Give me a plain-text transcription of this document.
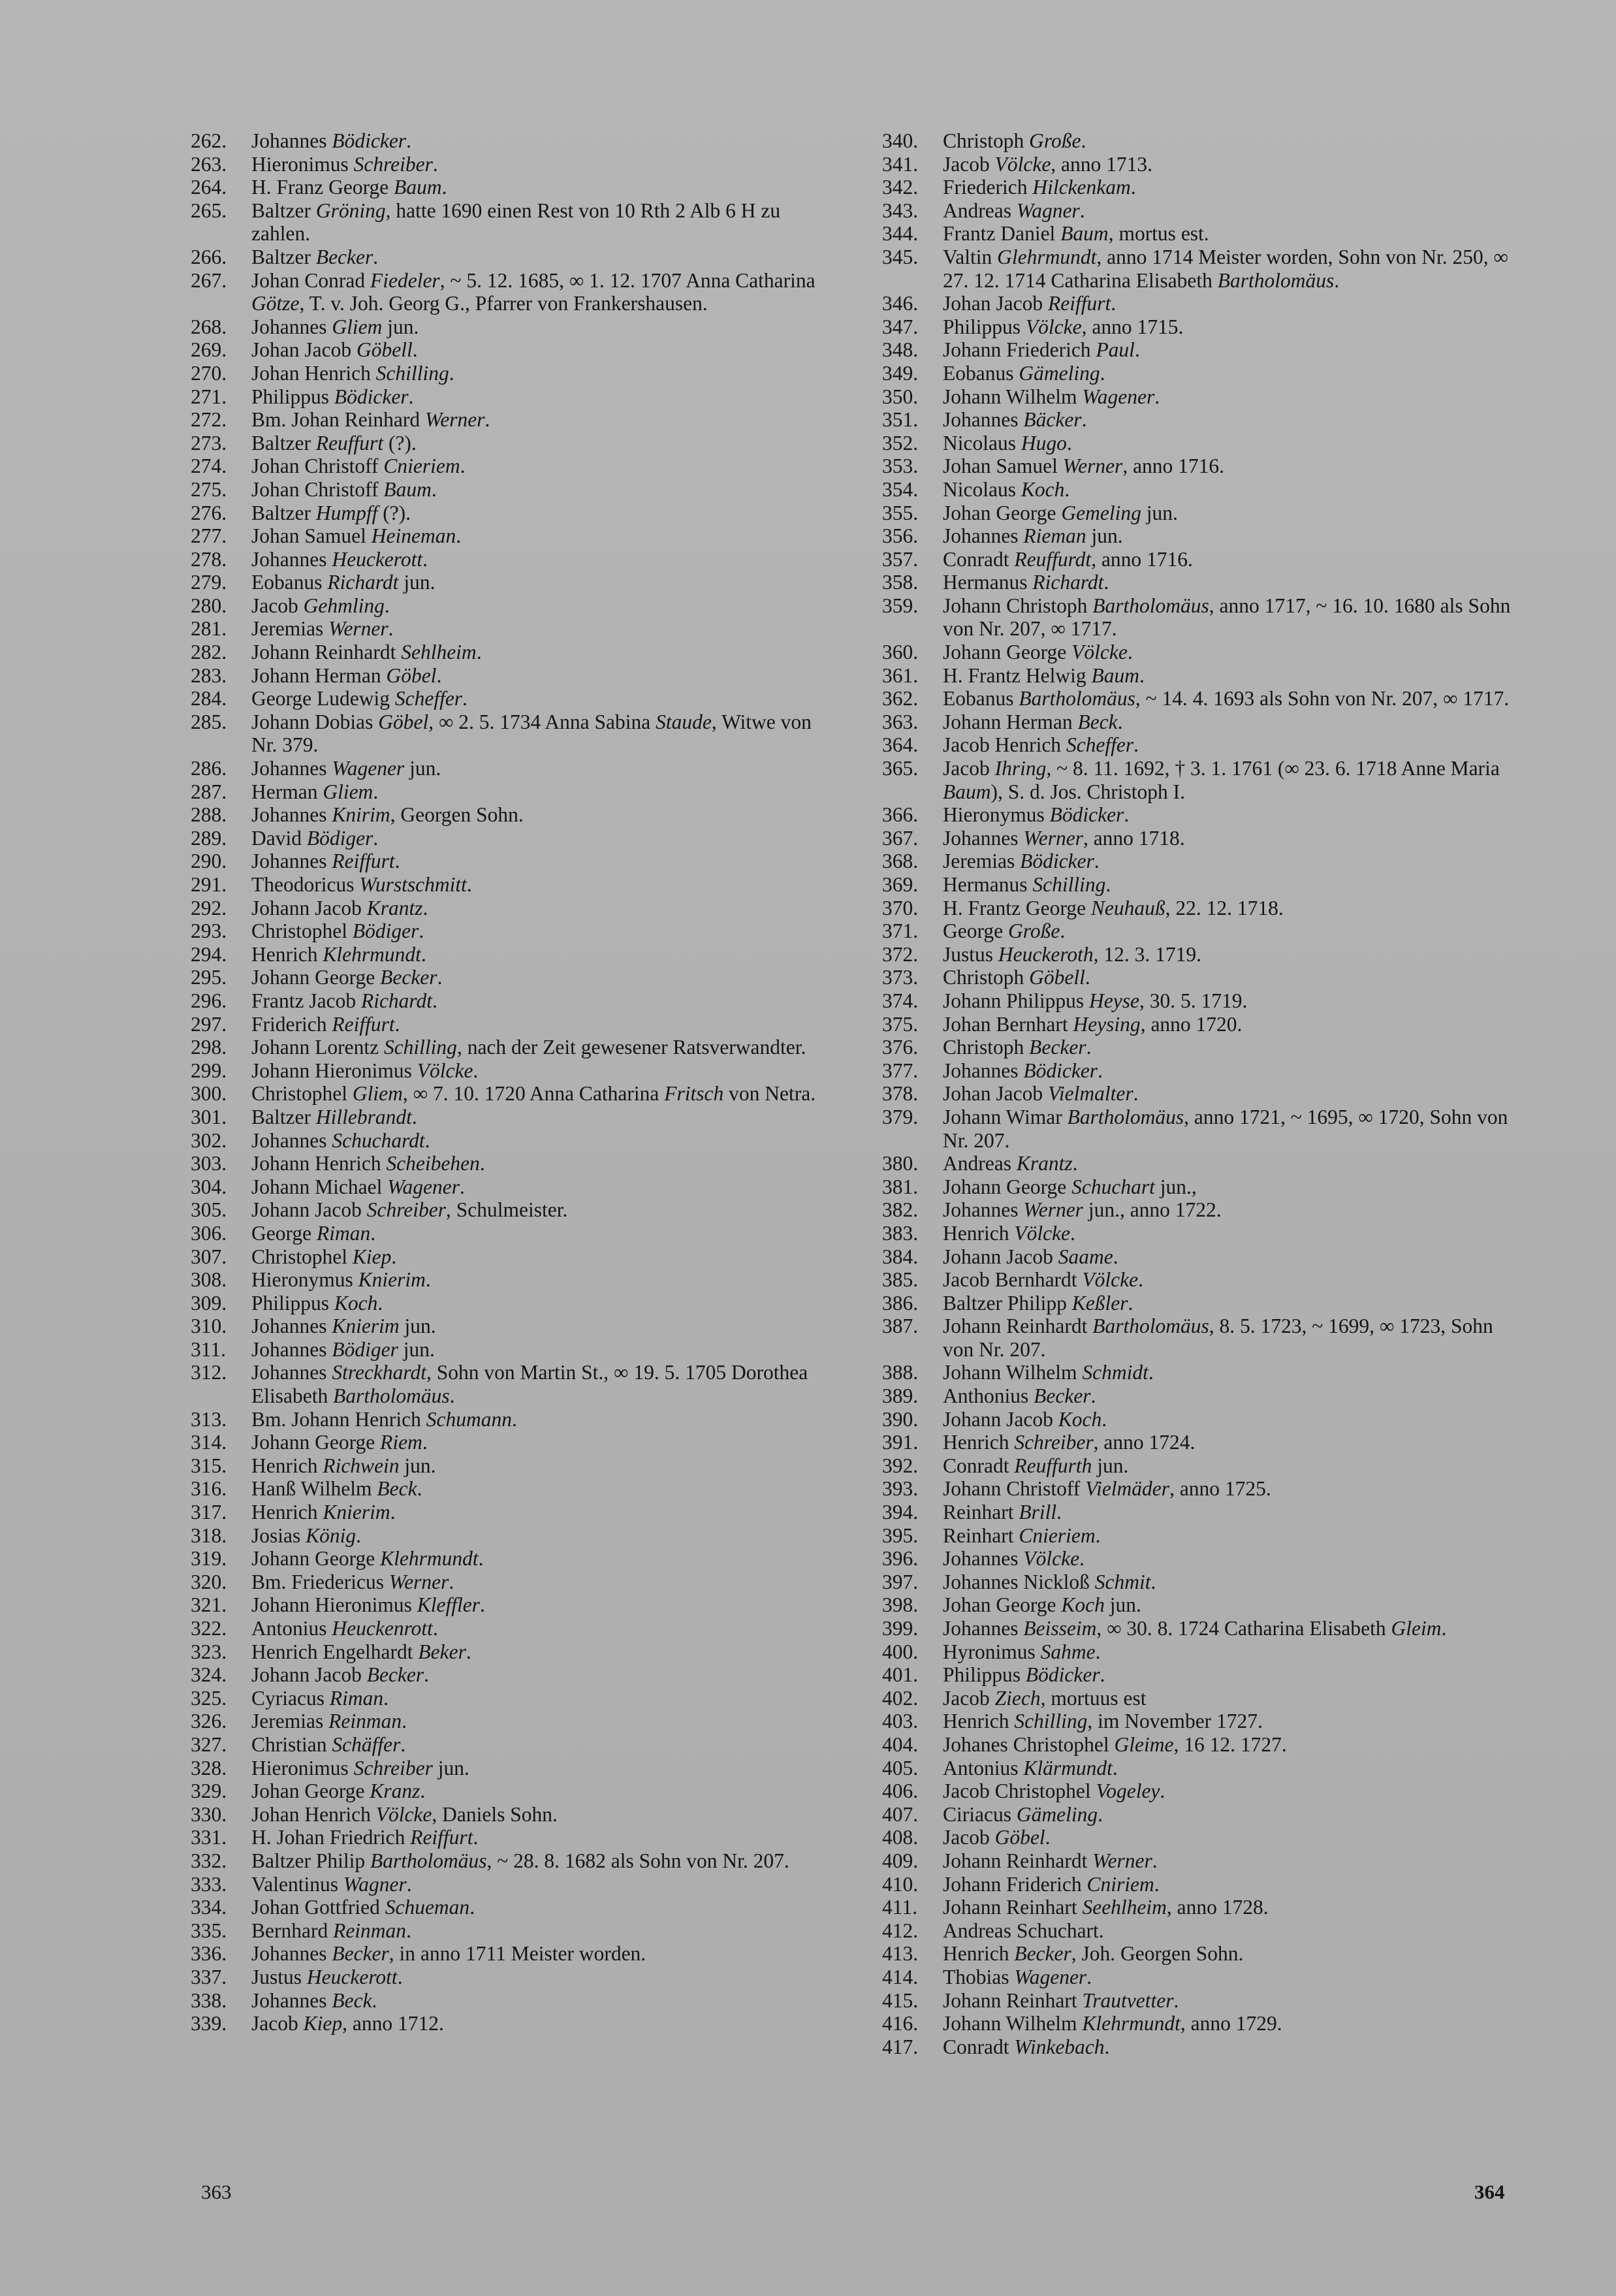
262.	Johannes Bödicker.
263.	Hieronimus Schreiber.
264.	H. Franz George Baum.
265.	Baltzer Gröning, hatte 1690 einen Rest von 10 Rth 2 Alb 6 H zu zahlen.
266.	Baltzer Becker.
267.	Johan Conrad Fiedeler, ~ 5. 12. 1685, ∞ 1. 12. 1707 Anna Catharina Götze, T. v. Joh. Georg G., Pfarrer von Frankershausen.
268.	Johannes Gliem jun.
269.	Johan Jacob Göbell.
270.	Johan Henrich Schilling.
271.	Philippus Bödicker.
272.	Bm. Johan Reinhard Werner.
273.	Baltzer Reuffurt (?).
274.	Johan Christoff Cnieriem.
275.	Johan Christoff Baum.
276.	Baltzer Humpff (?).
277.	Johan Samuel Heineman.
278.	Johannes Heuckerott.
279.	Eobanus Richardt jun.
280.	Jacob Gehmling.
281.	Jeremias Werner.
282.	Johann Reinhardt Sehlheim.
283.	Johann Herman Göbel.
284.	George Ludewig Scheffer.
285.	Johann Dobias Göbel, ∞ 2. 5. 1734 Anna Sabina Staude, Witwe von Nr. 379.
286.	Johannes Wagener jun.
287.	Herman Gliem.
288.	Johannes Knirim, Georgen Sohn.
289.	David Bödiger.
290.	Johannes Reiffurt.
291.	Theodoricus Wurstschmitt.
292.	Johann Jacob Krantz.
293.	Christophel Bödiger.
294.	Henrich Klehrmundt.
295.	Johann George Becker.
296.	Frantz Jacob Richardt.
297.	Friderich Reiffurt.
298.	Johann Lorentz Schilling, nach der Zeit gewesener Ratsverwandter.
299.	Johann Hieronimus Völcke.
300.	Christophel Gliem, ∞ 7. 10. 1720 Anna Catharina Fritsch von Netra.
301.	Baltzer Hillebrandt.
302.	Johannes Schuchardt.
303.	Johann Henrich Scheibehen.
304.	Johann Michael Wagener.
305.	Johann Jacob Schreiber, Schulmeister.
306.	George Riman.
307.	Christophel Kiep.
308.	Hieronymus Knierim.
309.	Philippus Koch.
310.	Johannes Knierim jun.
311.	Johannes Bödiger jun.
312.	Johannes Streckhardt, Sohn von Martin St., ∞ 19. 5. 1705 Dorothea Elisabeth Bartholomäus.
313.	Bm. Johann Henrich Schumann.
314.	Johann George Riem.
315.	Henrich Richwein jun.
316.	Hanß Wilhelm Beck.
317.	Henrich Knierim.
318.	Josias König.
319.	Johann George Klehrmundt.
320.	Bm. Friedericus Werner.
321.	Johann Hieronimus Kleffler.
322.	Antonius Heuckenrott.
323.	Henrich Engelhardt Beker.
324.	Johann Jacob Becker.
325.	Cyriacus Riman.
326.	Jeremias Reinman.
327.	Christian Schäffer.
328.	Hieronimus Schreiber jun.
329.	Johan George Kranz.
330.	Johan Henrich Völcke, Daniels Sohn.
331.	H. Johan Friedrich Reiffurt.
332.	Baltzer Philip Bartholomäus, ~ 28. 8. 1682 als Sohn von Nr. 207.
333.	Valentinus Wagner.
334.	Johan Gottfried Schueman.
335.	Bernhard Reinman.
336.	Johannes Becker, in anno 1711 Meister worden.
337.	Justus Heuckerott.
338.	Johannes Beck.
339.	Jacob Kiep, anno 1712.
340.	Christoph Große.
341.	Jacob Völcke, anno 1713.
342.	Friederich Hilckenkam.
343.	Andreas Wagner.
344.	Frantz Daniel Baum, mortus est.
345.	Valtin Glehrmundt, anno 1714 Meister worden, Sohn von Nr. 250, ∞ 27. 12. 1714 Catharina Elisabeth Bartholomäus.
346.	Johan Jacob Reiffurt.
347.	Philippus Völcke, anno 1715.
348.	Johann Friederich Paul.
349.	Eobanus Gämeling.
350.	Johann Wilhelm Wagener.
351.	Johannes Bäcker.
352.	Nicolaus Hugo.
353.	Johan Samuel Werner, anno 1716.
354.	Nicolaus Koch.
355.	Johan George Gemeling jun.
356.	Johannes Rieman jun.
357.	Conradt Reuffurdt, anno 1716.
358.	Hermanus Richardt.
359.	Johann Christoph Bartholomäus, anno 1717, ~ 16. 10. 1680 als Sohn von Nr. 207, ∞ 1717.
360.	Johann George Völcke.
361.	H. Frantz Helwig Baum.
362.	Eobanus Bartholomäus, ~ 14. 4. 1693 als Sohn von Nr. 207, ∞ 1717.
363.	Johann Herman Beck.
364.	Jacob Henrich Scheffer.
365.	Jacob Ihring, ~ 8. 11. 1692, † 3. 1. 1761 (∞ 23. 6. 1718 Anne Maria Baum), S. d. Jos. Christoph I.
366.	Hieronymus Bödicker.
367.	Johannes Werner, anno 1718.
368.	Jeremias Bödicker.
369.	Hermanus Schilling.
370.	H. Frantz George Neuhauß, 22. 12. 1718.
371.	George Große.
372.	Justus Heuckeroth, 12. 3. 1719.
373.	Christoph Göbell.
374.	Johann Philippus Heyse, 30. 5. 1719.
375.	Johan Bernhart Heysing, anno 1720.
376.	Christoph Becker.
377.	Johannes Bödicker.
378.	Johan Jacob Vielmalter.
379.	Johann Wimar Bartholomäus, anno 1721, ~ 1695, ∞ 1720, Sohn von Nr. 207.
380.	Andreas Krantz.
381.	Johann George Schuchart jun.,
382.	Johannes Werner jun., anno 1722.
383.	Henrich Völcke.
384.	Johann Jacob Saame.
385.	Jacob Bernhardt Völcke.
386.	Baltzer Philipp Keßler.
387.	Johann Reinhardt Bartholomäus, 8. 5. 1723, ~ 1699, ∞ 1723, Sohn von Nr. 207.
388.	Johann Wilhelm Schmidt.
389.	Anthonius Becker.
390.	Johann Jacob Koch.
391.	Henrich Schreiber, anno 1724.
392.	Conradt Reuffurth jun.
393.	Johann Christoff Vielmäder, anno 1725.
394.	Reinhart Brill.
395.	Reinhart Cnieriem.
396.	Johannes Völcke.
397.	Johannes Nickloß Schmit.
398.	Johan George Koch jun.
399.	Johannes Beisseim, ∞ 30. 8. 1724 Catharina Elisabeth Gleim.
400.	Hyronimus Sahme.
401.	Philippus Bödicker.
402.	Jacob Ziech, mortuus est
403.	Henrich Schilling, im November 1727.
404.	Johanes Christophel Gleime, 16 12. 1727.
405.	Antonius Klärmundt.
406.	Jacob Christophel Vogeley.
407.	Ciriacus Gämeling.
408.	Jacob Göbel.
409.	Johann Reinhardt Werner.
410.	Johann Friderich Cniriem.
411.	Johann Reinhart Seehlheim, anno 1728.
412.	Andreas Schuchart.
413.	Henrich Becker, Joh. Georgen Sohn.
414.	Thobias Wagener.
415.	Johann Reinhart Trautvetter.
416.	Johann Wilhelm Klehrmundt, anno 1729.
417.	Conradt Winkebach.
363	364
